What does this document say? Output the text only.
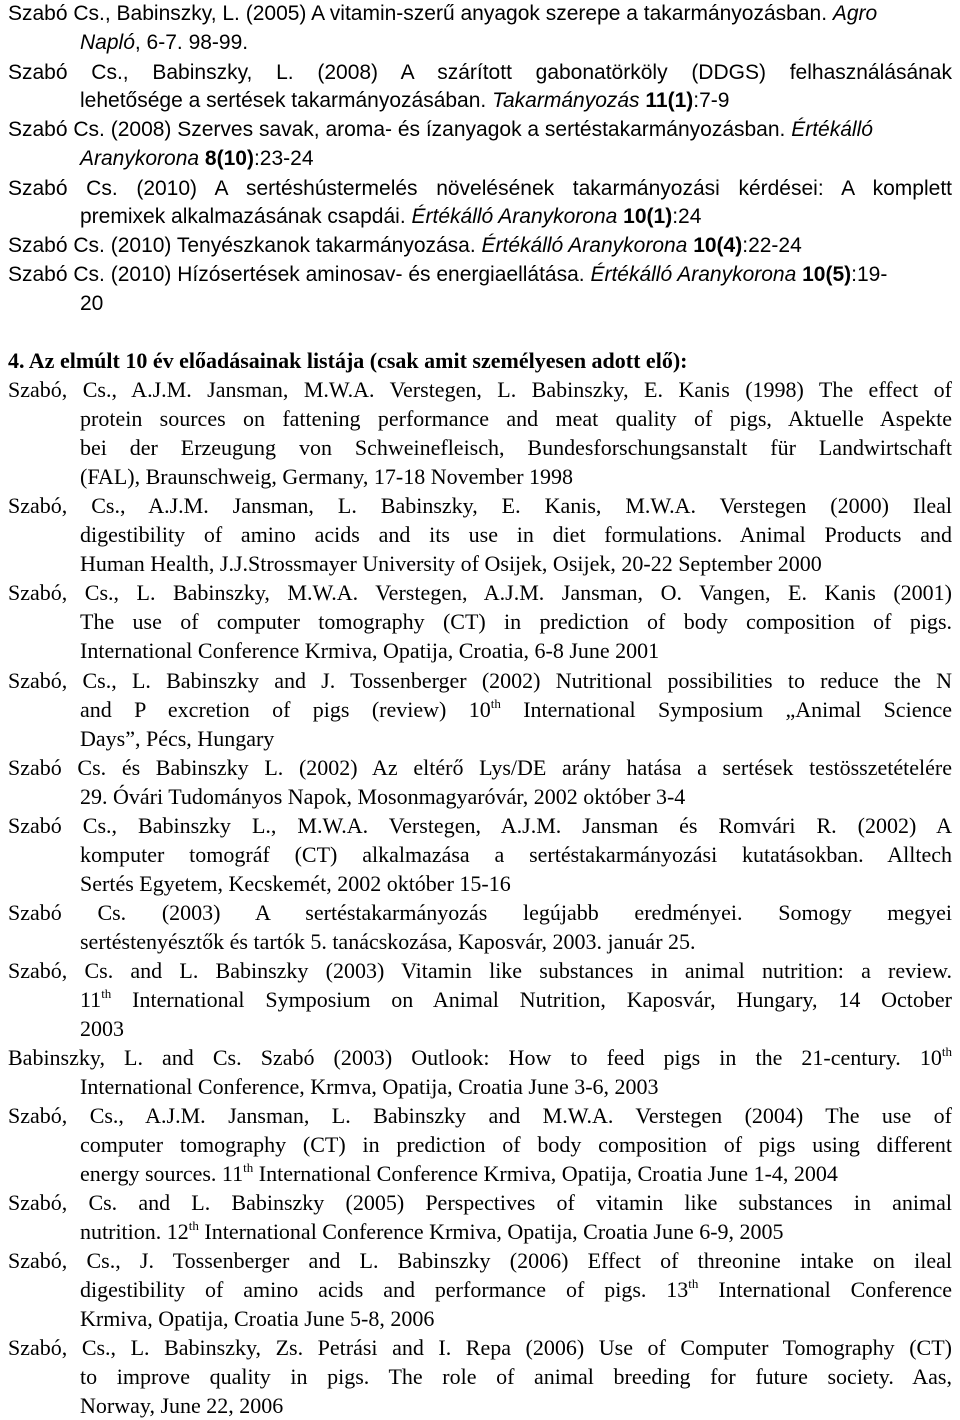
Szabó Cs., Babinszky, L. (2005) A vitamin-szerű anyagok szerepe a takarmányozásban. Agro
Napló, 6-7. 98-99.
Szabó Cs., Babinszky, L. (2008) A szárított gabonatörköly (DDGS) felhasználásának
lehetősége a sertések takarmányozásában. Takarmányozás 11(1):7-9
Szabó Cs. (2008) Szerves savak, aroma- és ízanyagok a sertéstakarmányozásban. Értékálló
Aranykorona 8(10):23-24
Szabó Cs. (2010) A sertéshústermelés növelésének takarmányozási kérdései: A komplett
premixek alkalmazásának csapdái. Értékálló Aranykorona 10(1):24
Szabó Cs. (2010) Tenyészkanok takarmányozása. Értékálló Aranykorona 10(4):22-24
Szabó Cs. (2010) Hízósertések aminosav- és energiaellátása. Értékálló Aranykorona 10(5):19-
20
4. Az elmúlt 10 év előadásainak listája (csak amit személyesen adott elő):
Szabó, Cs., A.J.M. Jansman, M.W.A. Verstegen, L. Babinszky, E. Kanis (1998) The effect of
protein sources on fattening performance and meat quality of pigs, Aktuelle Aspekte
bei der Erzeugung von Schweinefleisch, Bundesforschungsanstalt für Landwirtschaft
(FAL), Braunschweig, Germany, 17-18 November 1998
Szabó, Cs., A.J.M. Jansman, L. Babinszky, E. Kanis, M.W.A. Verstegen (2000) Ileal
digestibility of amino acids and its use in diet formulations. Animal Products and
Human Health, J.J.Strossmayer University of Osijek, Osijek, 20-22 September 2000
Szabó, Cs., L. Babinszky, M.W.A. Verstegen, A.J.M. Jansman, O. Vangen, E. Kanis (2001)
The use of computer tomography (CT) in prediction of body composition of pigs.
International Conference Krmiva, Opatija, Croatia, 6-8 June 2001
Szabó, Cs., L. Babinszky and J. Tossenberger (2002) Nutritional possibilities to reduce the N
and P excretion of pigs (review) 10th International Symposium „Animal Science
Days”, Pécs, Hungary
Szabó Cs. és Babinszky L. (2002) Az eltérő Lys/DE arány hatása a sertések testösszetételére
29. Óvári Tudományos Napok, Mosonmagyaróvár, 2002 október 3-4
Szabó Cs., Babinszky L., M.W.A. Verstegen, A.J.M. Jansman és Romvári R. (2002) A
komputer tomográf (CT) alkalmazása a sertéstakarmányozási kutatásokban. Alltech
Sertés Egyetem, Kecskemét, 2002 október 15-16
Szabó Cs. (2003) A sertéstakarmányozás legújabb eredményei. Somogy megyei
sertéstenyésztők és tartók 5. tanácskozása, Kaposvár, 2003. január 25.
Szabó, Cs. and L. Babinszky (2003) Vitamin like substances in animal nutrition: a review.
11th International Symposium on Animal Nutrition, Kaposvár, Hungary, 14 October
2003
Babinszky, L. and Cs. Szabó (2003) Outlook: How to feed pigs in the 21-century. 10th
International Conference, Krmva, Opatija, Croatia June 3-6, 2003
Szabó, Cs., A.J.M. Jansman, L. Babinszky and M.W.A. Verstegen (2004) The use of
computer tomography (CT) in prediction of body composition of pigs using different
energy sources. 11th International Conference Krmiva, Opatija, Croatia June 1-4, 2004
Szabó, Cs. and L. Babinszky (2005) Perspectives of vitamin like substances in animal
nutrition. 12th International Conference Krmiva, Opatija, Croatia June 6-9, 2005
Szabó, Cs., J. Tossenberger and L. Babinszky (2006) Effect of threonine intake on ileal
digestibility of amino acids and performance of pigs. 13th International Conference
Krmiva, Opatija, Croatia June 5-8, 2006
Szabó, Cs., L. Babinszky, Zs. Petrási and I. Repa (2006) Use of Computer Tomography (CT)
to improve quality in pigs. The role of animal breeding for future society. Aas,
Norway, June 22, 2006
